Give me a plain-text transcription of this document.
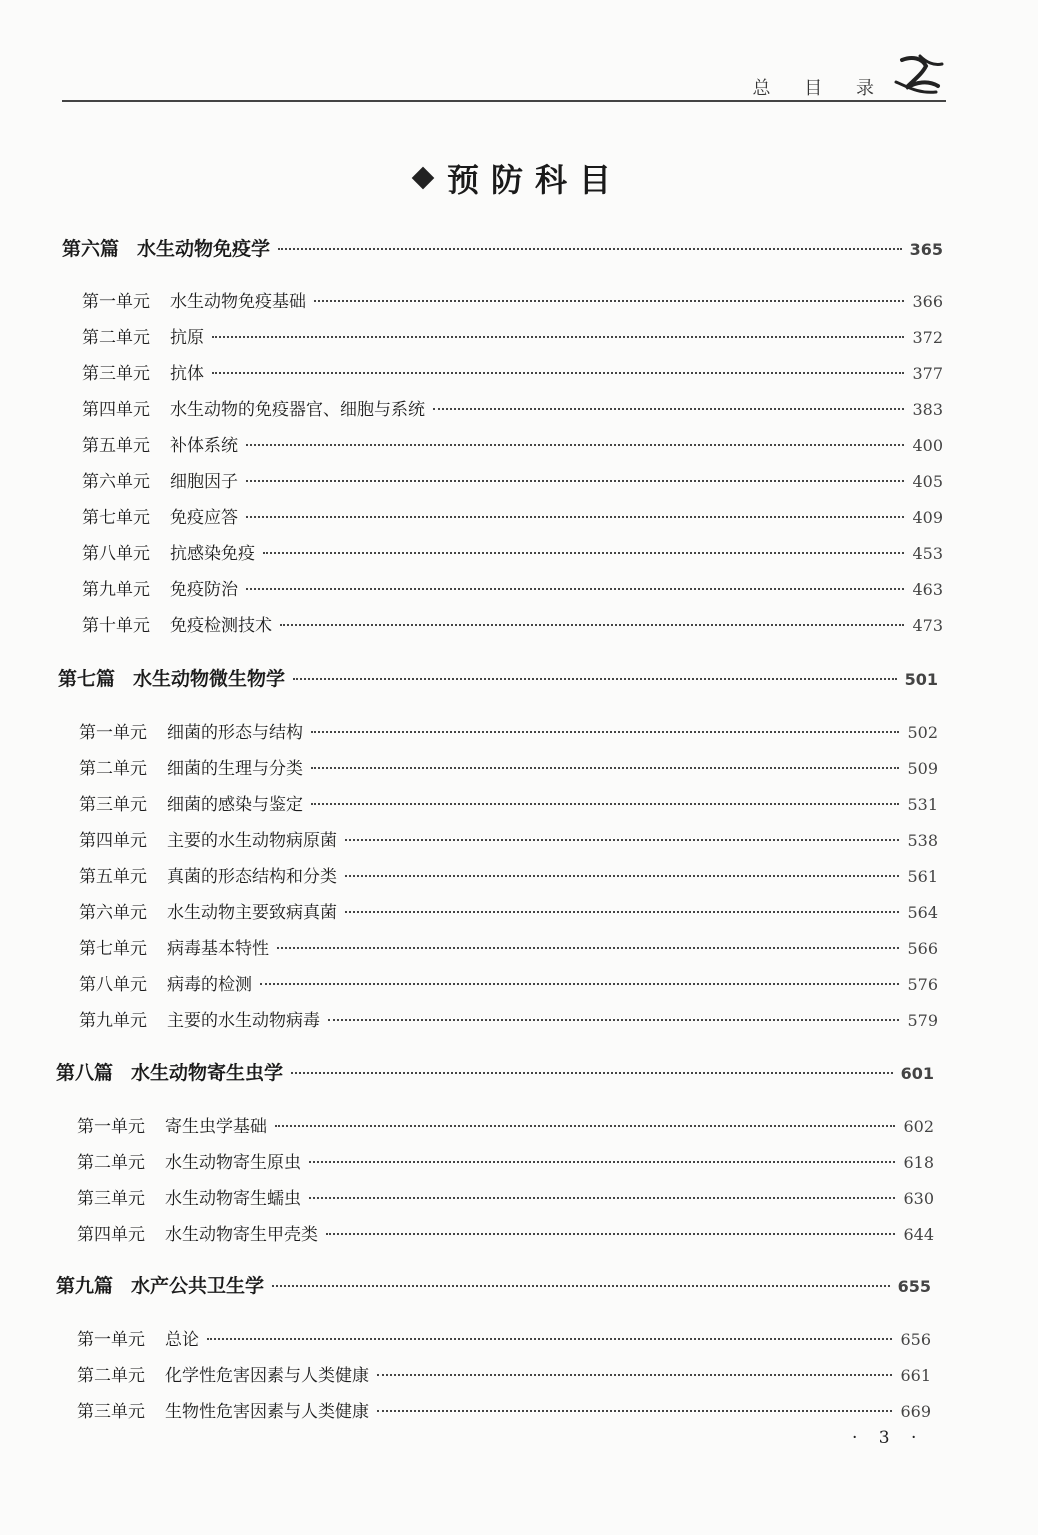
总 目 录
预防科目
第六篇 水生动物免疫学	365
第一单元	水生动物免疫基础	366
第二单元	抗原	372
第三单元	抗体	377
第四单元	水生动物的免疫器官、细胞与系统	383
第五单元	补体系统	400
第六单元	细胞因子	405
第七单元	免疫应答	409
第八单元	抗感染免疫	453
第九单元	免疫防治	463
第十单元	免疫检测技术	473
第七篇 水生动物微生物学	501
第一单元	细菌的形态与结构	502
第二单元	细菌的生理与分类	509
第三单元	细菌的感染与鉴定	531
第四单元	主要的水生动物病原菌	538
第五单元	真菌的形态结构和分类	561
第六单元	水生动物主要致病真菌	564
第七单元	病毒基本特性	566
第八单元	病毒的检测	576
第九单元	主要的水生动物病毒	579
第八篇 水生动物寄生虫学	601
第一单元	寄生虫学基础	602
第二单元	水生动物寄生原虫	618
第三单元	水生动物寄生蠕虫	630
第四单元	水生动物寄生甲壳类	644
第九篇 水产公共卫生学	655
第一单元	总论	656
第二单元	化学性危害因素与人类健康	661
第三单元	生物性危害因素与人类健康	669
· 3 ·
